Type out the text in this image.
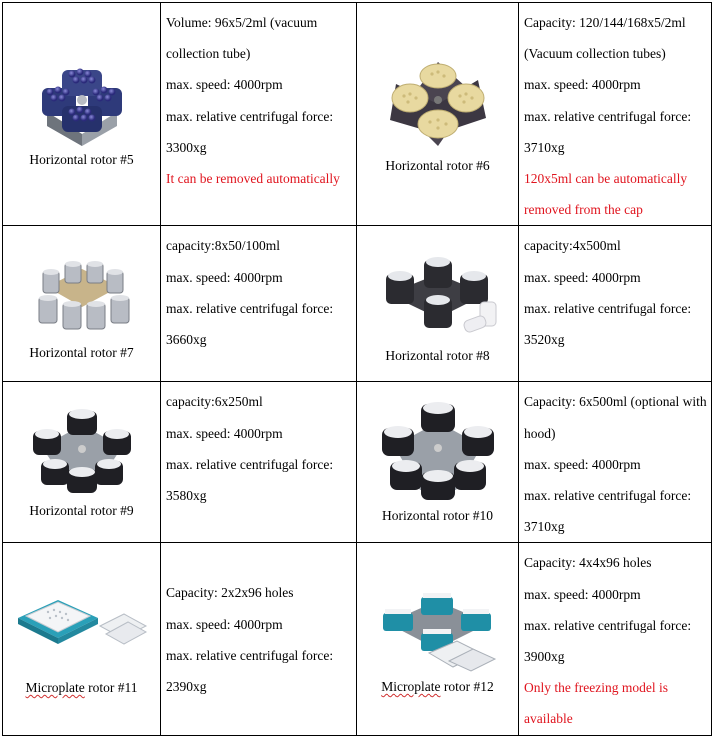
Horizontal rotor #5	Volume: 96x5/2ml (vacuum collection tube)
max. speed: 4000rpm
max. relative centrifugal force:
3300xg
It can be removed automatically	Horizontal rotor #6	Capacity: 120/144/168x5/2ml (Vacuum collection tubes)
max. speed: 4000rpm
max. relative centrifugal force:
3710xg
120x5ml can be automatically removed from the cap

Horizontal rotor #7	capacity:8x50/100ml
max. speed: 4000rpm
max. relative centrifugal force:
3660xg	Horizontal rotor #8	capacity:4x500ml
max. speed: 4000rpm
max. relative centrifugal force:
3520xg

Horizontal rotor #9	capacity:6x250ml
max. speed: 4000rpm
max. relative centrifugal force:
3580xg	Horizontal rotor #10	Capacity: 6x500ml (optional with hood)
max. speed: 4000rpm
max. relative centrifugal force:
3710xg

Microplate rotor #11	Capacity: 2x2x96 holes
max. speed: 4000rpm
max. relative centrifugal force:
2390xg	Microplate rotor #12	Capacity: 4x4x96 holes
max. speed: 4000rpm
max. relative centrifugal force:
3900xg
Only the freezing model is available
